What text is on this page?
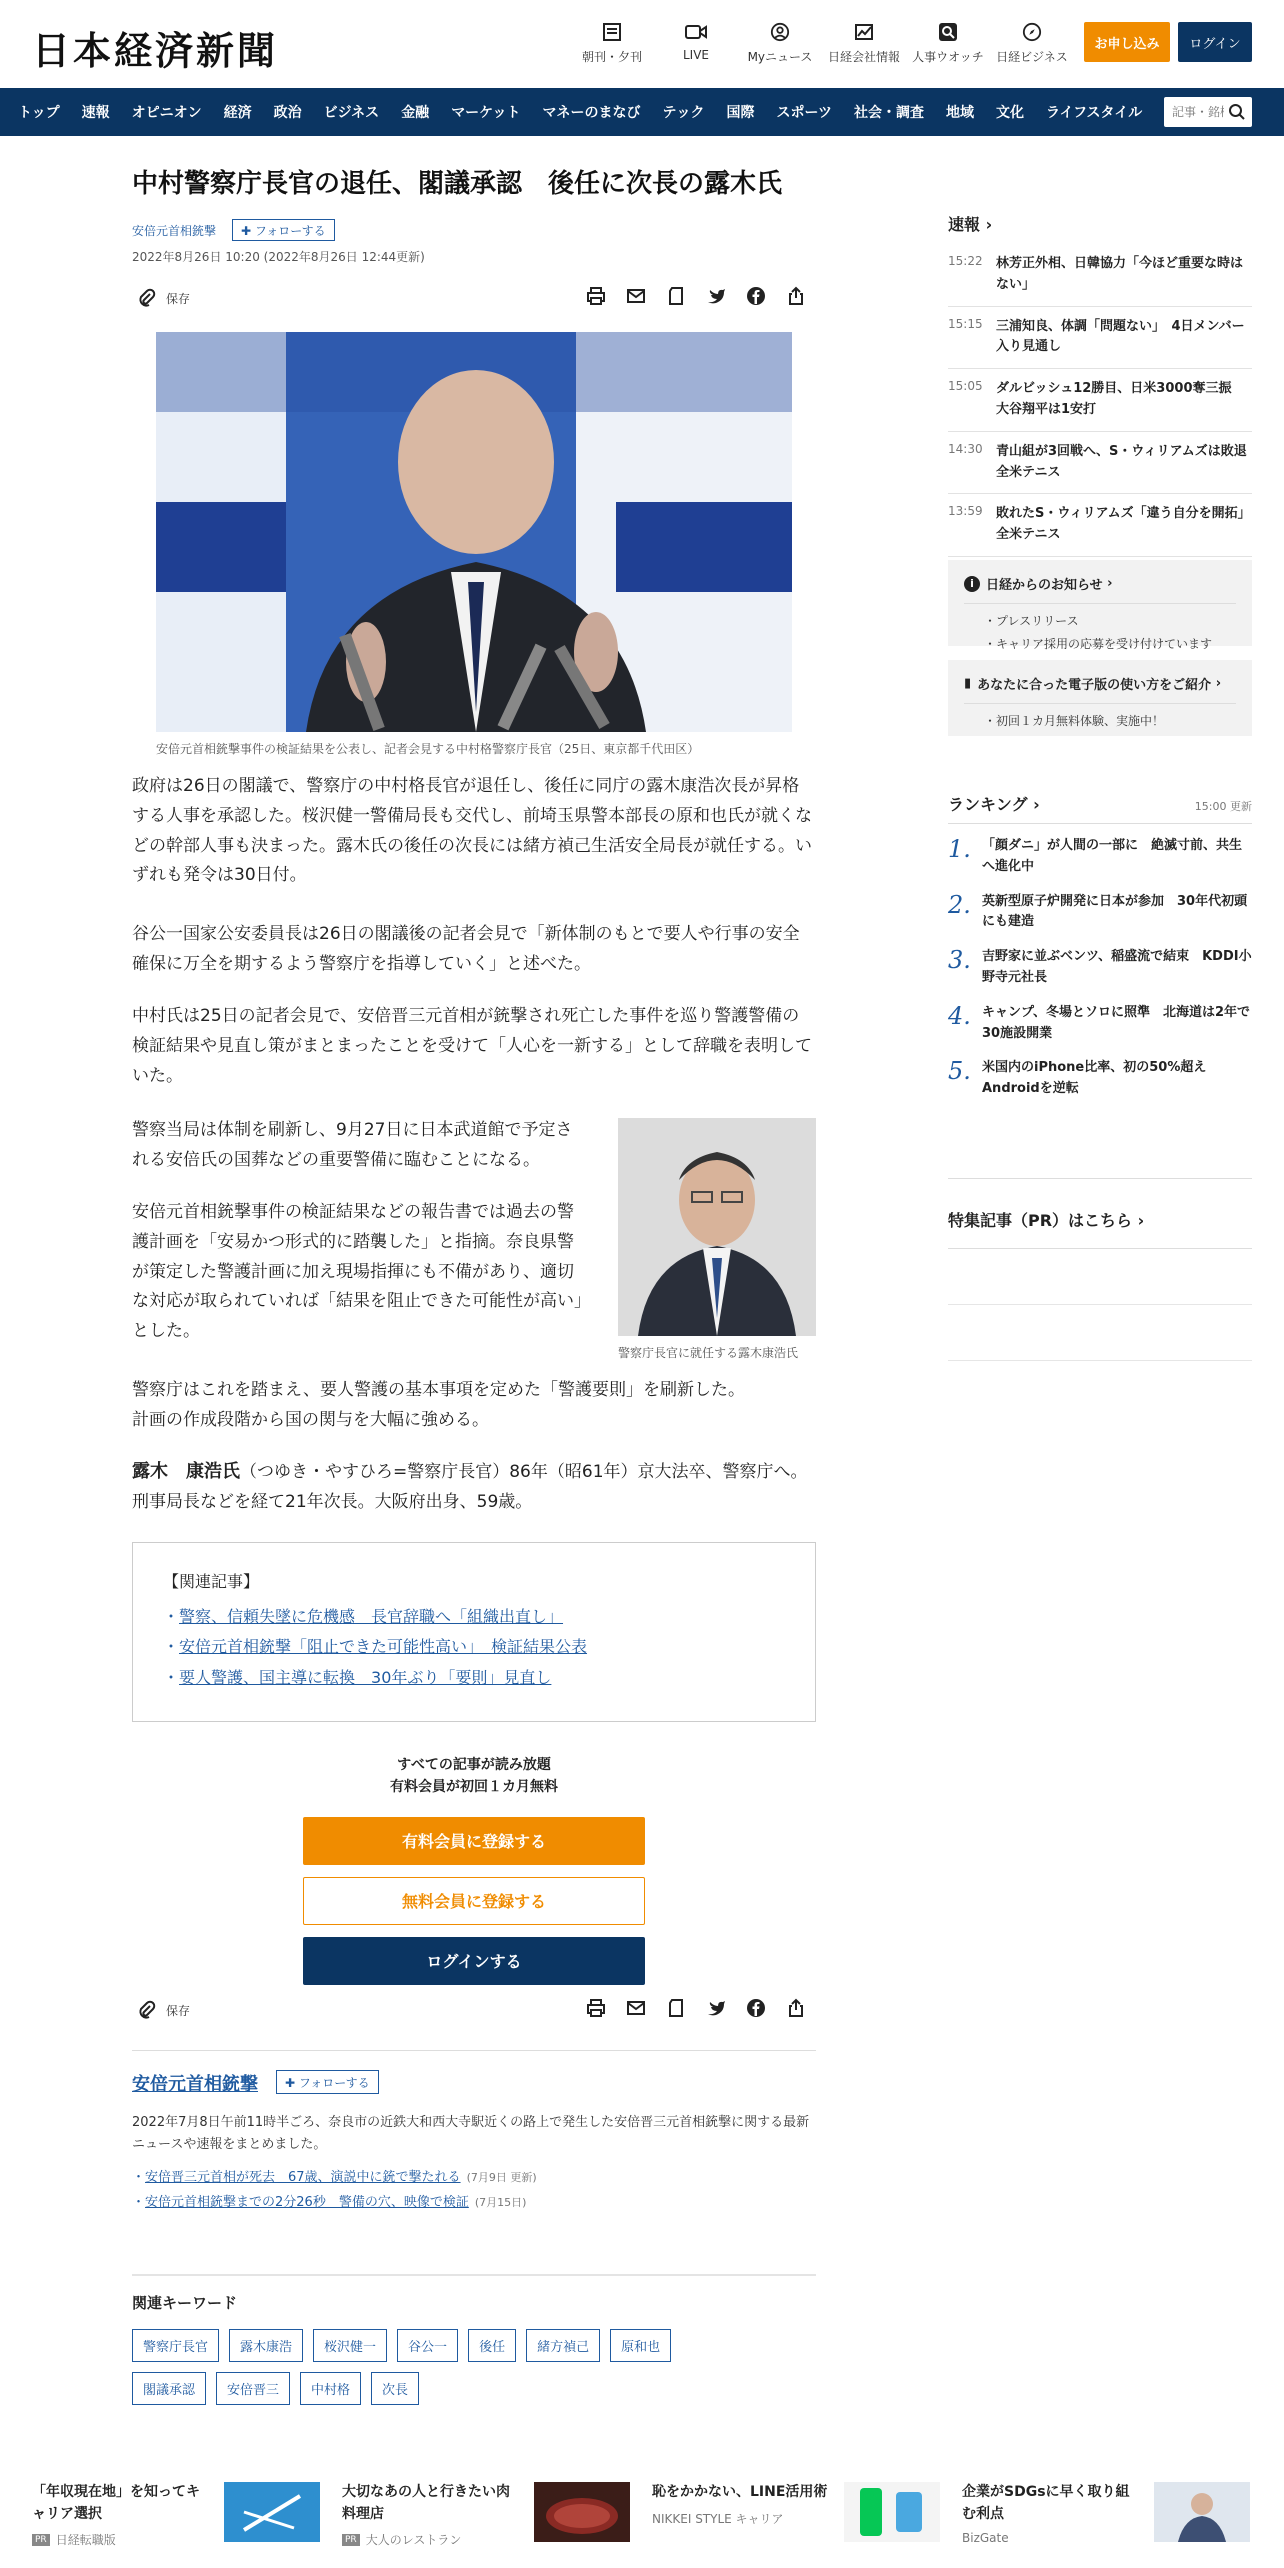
日本経済新聞	朝刊・夕刊	LIVE	Myニュース	日経会社情報	人事ウオッチ	日経ビジネス
お申し込み	ログイン
トップ 速報 オピニオン 経済 政治 ビジネス 金融 マーケット マネーのまなび テック 国際 スポーツ 社会・調査 地域 文化 ライフスタイル
記事・銘柄
中村警察庁長官の退任、閣議承認　後任に次長の露木氏
安倍元首相銃撃	✚ フォローする
2022年8月26日 10:20 (2022年8月26日 12:44更新)
保存
安倍元首相銃撃事件の検証結果を公表し、記者会見する中村格警察庁長官（25日、東京都千代田区）

政府は26日の閣議で、警察庁の中村格長官が退任し、後任に同庁の露木康浩次長が昇格する人事を承認した。桜沢健一警備局長も交代し、前埼玉県警本部長の原和也氏が就くなどの幹部人事も決まった。露木氏の後任の次長には緒方禎己生活安全局長が就任する。いずれも発令は30日付。

谷公一国家公安委員長は26日の閣議後の記者会見で「新体制のもとで要人や行事の安全確保に万全を期するよう警察庁を指導していく」と述べた。

中村氏は25日の記者会見で、安倍晋三元首相が銃撃され死亡した事件を巡り警護警備の検証結果や見直し策がまとまったことを受けて「人心を一新する」として辞職を表明していた。

警察当局は体制を刷新し、9月27日に日本武道館で予定される安倍氏の国葬などの重要警備に臨むことになる。

安倍元首相銃撃事件の検証結果などの報告書では過去の警護計画を「安易かつ形式的に踏襲した」と指摘。奈良県警が策定した警護計画に加え現場指揮にも不備があり、適切な対応が取られていれば「結果を阻止できた可能性が高い」とした。

警察庁はこれを踏まえ、要人警護の基本事項を定めた「警護要則」を刷新した。計画の作成段階から国の関与を大幅に強める。

警察庁長官に就任する露木康浩氏
露木　康浩氏（つゆき・やすひろ=警察庁長官）86年（昭61年）京大法卒、警察庁へ。刑事局長などを経て21年次長。大阪府出身、59歳。
【関連記事】
・警察、信頼失墜に危機感　長官辞職へ「組織出直し」
・安倍元首相銃撃「阻止できた可能性高い」　検証結果公表
・要人警護、国主導に転換　30年ぶり「要則」見直し
すべての記事が読み放題
有料会員が初回１カ月無料
有料会員に登録する
無料会員に登録する
ログインする
保存
安倍元首相銃撃	✚ フォローする
2022年7月8日午前11時半ごろ、奈良市の近鉄大和西大寺駅近くの路上で発生した安倍晋三元首相銃撃に関する最新ニュースや速報をまとめました。
・安倍晋三元首相が死去　67歳、演説中に銃で撃たれる (7月9日 更新)
・安倍元首相銃撃までの2分26秒　警備の穴、映像で検証 (7月15日)
関連キーワード
警察庁長官	露木康浩	桜沢健一	谷公一	後任	緒方禎己	原和也
閣議承認	安倍晋三	中村格	次長
速報 ›
15:22	林芳正外相、日韓協力「今ほど重要な時はない」
15:15	三浦知良、体調「問題ない」　4日メンバー入り見通し
15:05	ダルビッシュ12勝目、日米3000奪三振　大谷翔平は1安打
14:30	青山組が3回戦へ、S・ウィリアムズは敗退　全米テニス
13:59	敗れたS・ウィリアムズ「違う自分を開拓」　全米テニス
i 日経からのお知らせ
›
・プレスリリース
・キャリア採用の応募を受け付けています
▮ あなたに合った電子版の使い方をご紹介
›
・初回１カ月無料体験、実施中！
ランキング ›	15:00 更新
1. 「顔ダニ」が人間の一部に　絶滅寸前、共生へ進化中
2. 英新型原子炉開発に日本が参加　30年代初頭にも建造
3. 吉野家に並ぶベンツ、稲盛流で結束　KDDI小野寺元社長
4. キャンプ、冬場とソロに照準　北海道は2年で30施設開業
5. 米国内のiPhone比率、初の50%超え　Androidを逆転
特集記事（PR）はこちら ›
「年収現在地」を知ってキャリア選択
PR 日経転職版
大切なあの人と行きたい肉料理店
PR 大人のレストラン
恥をかかない、LINE活用術
NIKKEI STYLE キャリア
企業がSDGsに早く取り組む利点
BizGate
